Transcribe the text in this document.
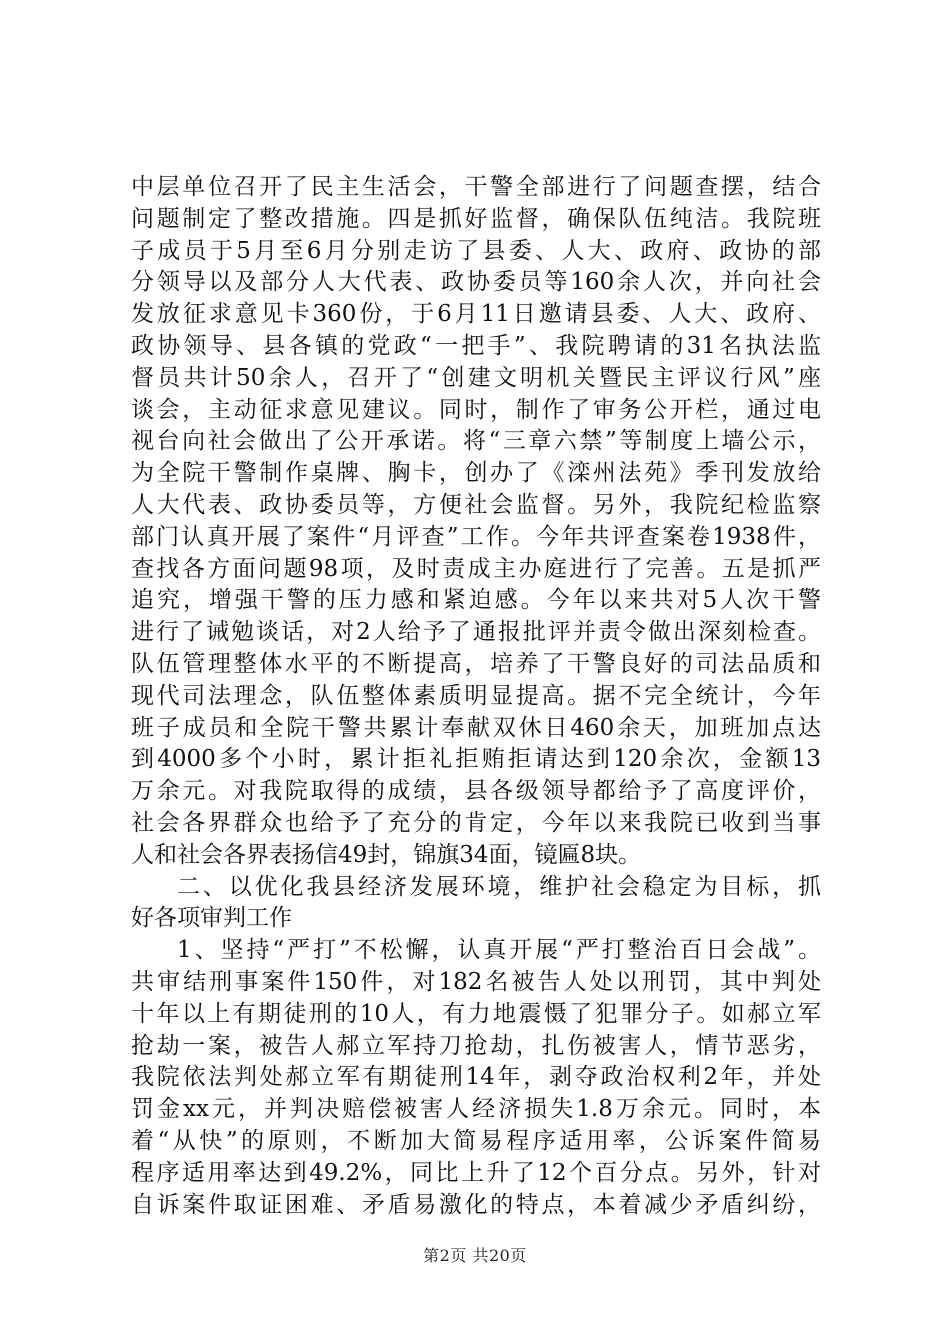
中层单位召开了民主生活会，干警全部进行了问题查摆，结合
问题制定了整改措施。四是抓好监督，确保队伍纯洁。我院班
子成员于5月至6月分别走访了县委、人大、政府、政协的部
分领导以及部分人大代表、政协委员等160余人次，并向社会
发放征求意见卡360份，于6月11日邀请县委、人大、政府、
政协领导、县各镇的党政“一把手”、我院聘请的31名执法监
督员共计50余人，召开了“创建文明机关暨民主评议行风”座
谈会，主动征求意见建议。同时，制作了审务公开栏，通过电
视台向社会做出了公开承诺。将“三章六禁”等制度上墙公示，
为全院干警制作桌牌、胸卡，创办了《滦州法苑》季刊发放给
人大代表、政协委员等，方便社会监督。另外，我院纪检监察
部门认真开展了案件“月评查”工作。今年共评查案卷1938件，
查找各方面问题98项，及时责成主办庭进行了完善。五是抓严
追究，增强干警的压力感和紧迫感。今年以来共对5人次干警
进行了诫勉谈话，对2人给予了通报批评并责令做出深刻检查。
队伍管理整体水平的不断提高，培养了干警良好的司法品质和
现代司法理念，队伍整体素质明显提高。据不完全统计，今年
班子成员和全院干警共累计奉献双休日460余天，加班加点达
到4000多个小时，累计拒礼拒贿拒请达到120余次，金额13
万余元。对我院取得的成绩，县各级领导都给予了高度评价，
社会各界群众也给予了充分的肯定，今年以来我院已收到当事
人和社会各界表扬信49封，锦旗34面，镜匾8块。
二、以优化我县经济发展环境，维护社会稳定为目标，抓
好各项审判工作
1、坚持“严打”不松懈，认真开展“严打整治百日会战”。
共审结刑事案件150件，对182名被告人处以刑罚，其中判处
十年以上有期徒刑的10人，有力地震慑了犯罪分子。如郝立军
抢劫一案，被告人郝立军持刀抢劫，扎伤被害人，情节恶劣，
我院依法判处郝立军有期徒刑14年，剥夺政治权利2年，并处
罚金xx元，并判决赔偿被害人经济损失1.8万余元。同时，本
着“从快”的原则，不断加大简易程序适用率，公诉案件简易
程序适用率达到49.2%，同比上升了12个百分点。另外，针对
自诉案件取证困难、矛盾易激化的特点，本着减少矛盾纠纷，
第2页 共20页
